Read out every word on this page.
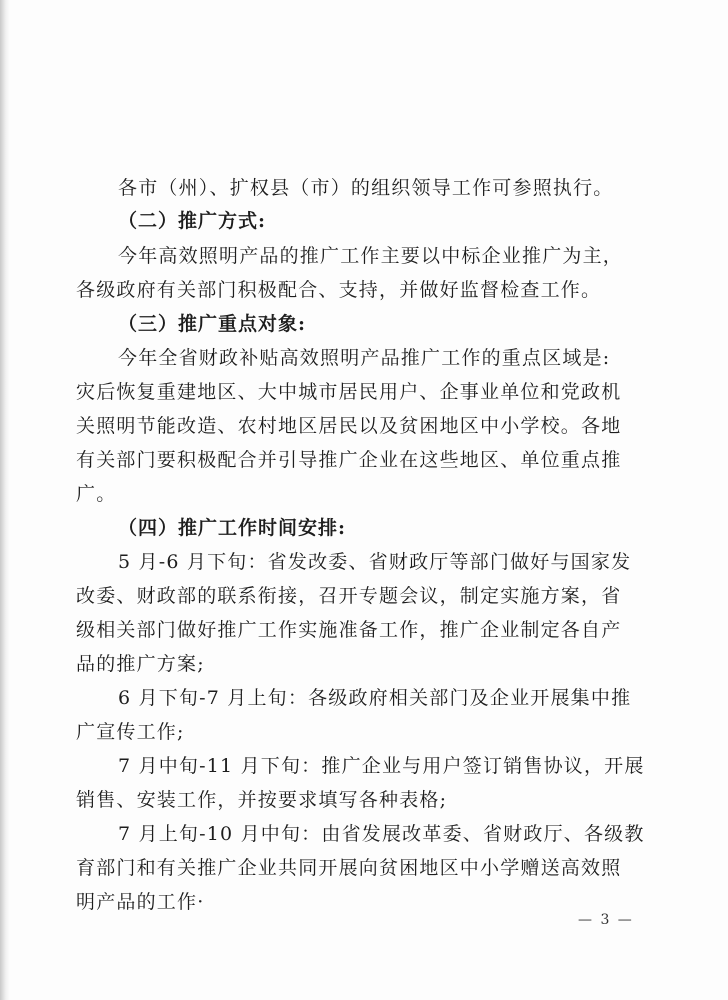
各市（州）、扩权县（市）的组织领导工作可参照执行。
（二）推广方式:
今年高效照明产品的推广工作主要以中标企业推广为主，
各级政府有关部门积极配合、支持，并做好监督检查工作。
（三）推广重点对象:
今年全省财政补贴高效照明产品推广工作的重点区域是:
灾后恢复重建地区、大中城市居民用户、企事业单位和党政机
关照明节能改造、农村地区居民以及贫困地区中小学校。各地
有关部门要积极配合并引导推广企业在这些地区、单位重点推
广。
（四）推广工作时间安排:
5 月-6 月下旬：省发改委、省财政厅等部门做好与国家发
改委、财政部的联系衔接，召开专题会议，制定实施方案，省
级相关部门做好推广工作实施准备工作，推广企业制定各自产
品的推广方案;
6 月下旬-7 月上旬：各级政府相关部门及企业开展集中推
广宣传工作;
7 月中旬-11 月下旬：推广企业与用户签订销售协议，开展
销售、安装工作，并按要求填写各种表格;
7 月上旬-10 月中旬：由省发展改革委、省财政厅、各级教
育部门和有关推广企业共同开展向贫困地区中小学赠送高效照
明产品的工作·
— 3 —
